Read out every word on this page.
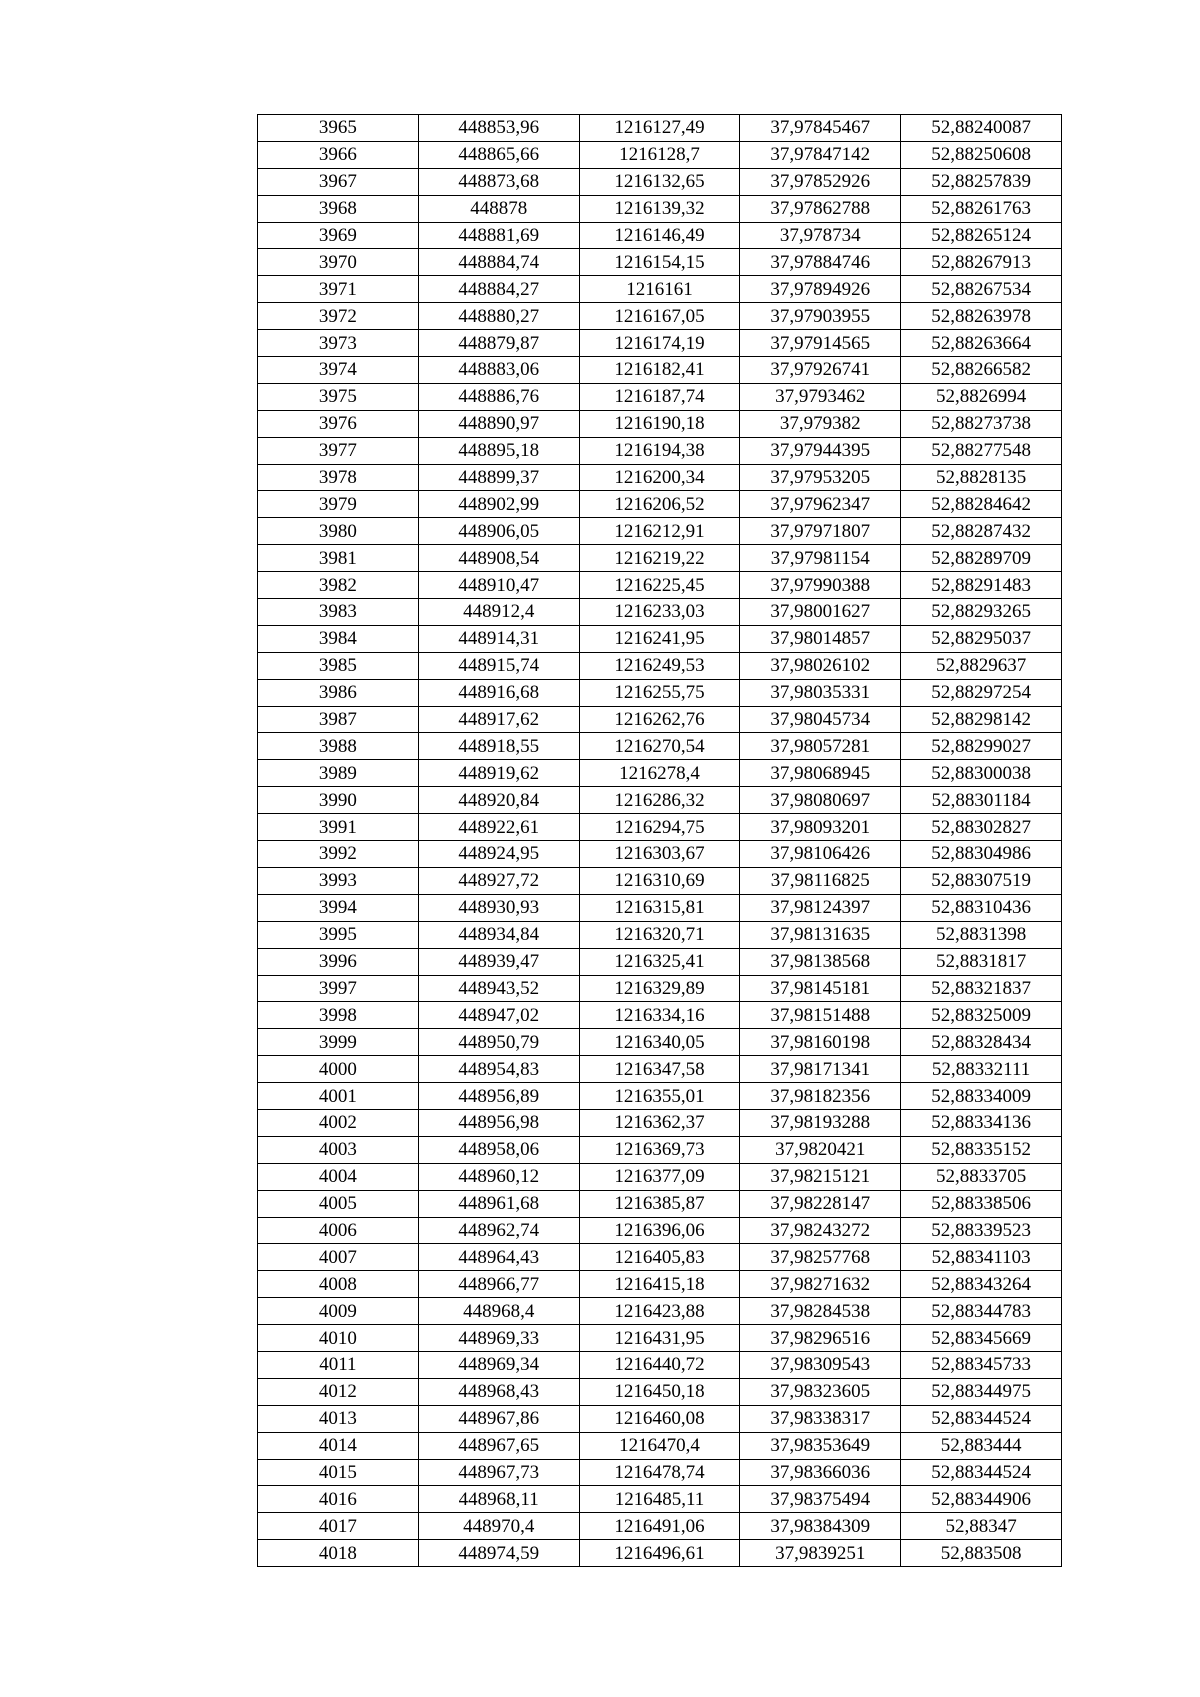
3965	448853,96	1216127,49	37,97845467	52,88240087
3966	448865,66	1216128,7	37,97847142	52,88250608
3967	448873,68	1216132,65	37,97852926	52,88257839
3968	448878	1216139,32	37,97862788	52,88261763
3969	448881,69	1216146,49	37,978734	52,88265124
3970	448884,74	1216154,15	37,97884746	52,88267913
3971	448884,27	1216161	37,97894926	52,88267534
3972	448880,27	1216167,05	37,97903955	52,88263978
3973	448879,87	1216174,19	37,97914565	52,88263664
3974	448883,06	1216182,41	37,97926741	52,88266582
3975	448886,76	1216187,74	37,9793462	52,8826994
3976	448890,97	1216190,18	37,979382	52,88273738
3977	448895,18	1216194,38	37,97944395	52,88277548
3978	448899,37	1216200,34	37,97953205	52,8828135
3979	448902,99	1216206,52	37,97962347	52,88284642
3980	448906,05	1216212,91	37,97971807	52,88287432
3981	448908,54	1216219,22	37,97981154	52,88289709
3982	448910,47	1216225,45	37,97990388	52,88291483
3983	448912,4	1216233,03	37,98001627	52,88293265
3984	448914,31	1216241,95	37,98014857	52,88295037
3985	448915,74	1216249,53	37,98026102	52,8829637
3986	448916,68	1216255,75	37,98035331	52,88297254
3987	448917,62	1216262,76	37,98045734	52,88298142
3988	448918,55	1216270,54	37,98057281	52,88299027
3989	448919,62	1216278,4	37,98068945	52,88300038
3990	448920,84	1216286,32	37,98080697	52,88301184
3991	448922,61	1216294,75	37,98093201	52,88302827
3992	448924,95	1216303,67	37,98106426	52,88304986
3993	448927,72	1216310,69	37,98116825	52,88307519
3994	448930,93	1216315,81	37,98124397	52,88310436
3995	448934,84	1216320,71	37,98131635	52,8831398
3996	448939,47	1216325,41	37,98138568	52,8831817
3997	448943,52	1216329,89	37,98145181	52,88321837
3998	448947,02	1216334,16	37,98151488	52,88325009
3999	448950,79	1216340,05	37,98160198	52,88328434
4000	448954,83	1216347,58	37,98171341	52,88332111
4001	448956,89	1216355,01	37,98182356	52,88334009
4002	448956,98	1216362,37	37,98193288	52,88334136
4003	448958,06	1216369,73	37,9820421	52,88335152
4004	448960,12	1216377,09	37,98215121	52,8833705
4005	448961,68	1216385,87	37,98228147	52,88338506
4006	448962,74	1216396,06	37,98243272	52,88339523
4007	448964,43	1216405,83	37,98257768	52,88341103
4008	448966,77	1216415,18	37,98271632	52,88343264
4009	448968,4	1216423,88	37,98284538	52,88344783
4010	448969,33	1216431,95	37,98296516	52,88345669
4011	448969,34	1216440,72	37,98309543	52,88345733
4012	448968,43	1216450,18	37,98323605	52,88344975
4013	448967,86	1216460,08	37,98338317	52,88344524
4014	448967,65	1216470,4	37,98353649	52,883444
4015	448967,73	1216478,74	37,98366036	52,88344524
4016	448968,11	1216485,11	37,98375494	52,88344906
4017	448970,4	1216491,06	37,98384309	52,88347
4018	448974,59	1216496,61	37,9839251	52,883508
